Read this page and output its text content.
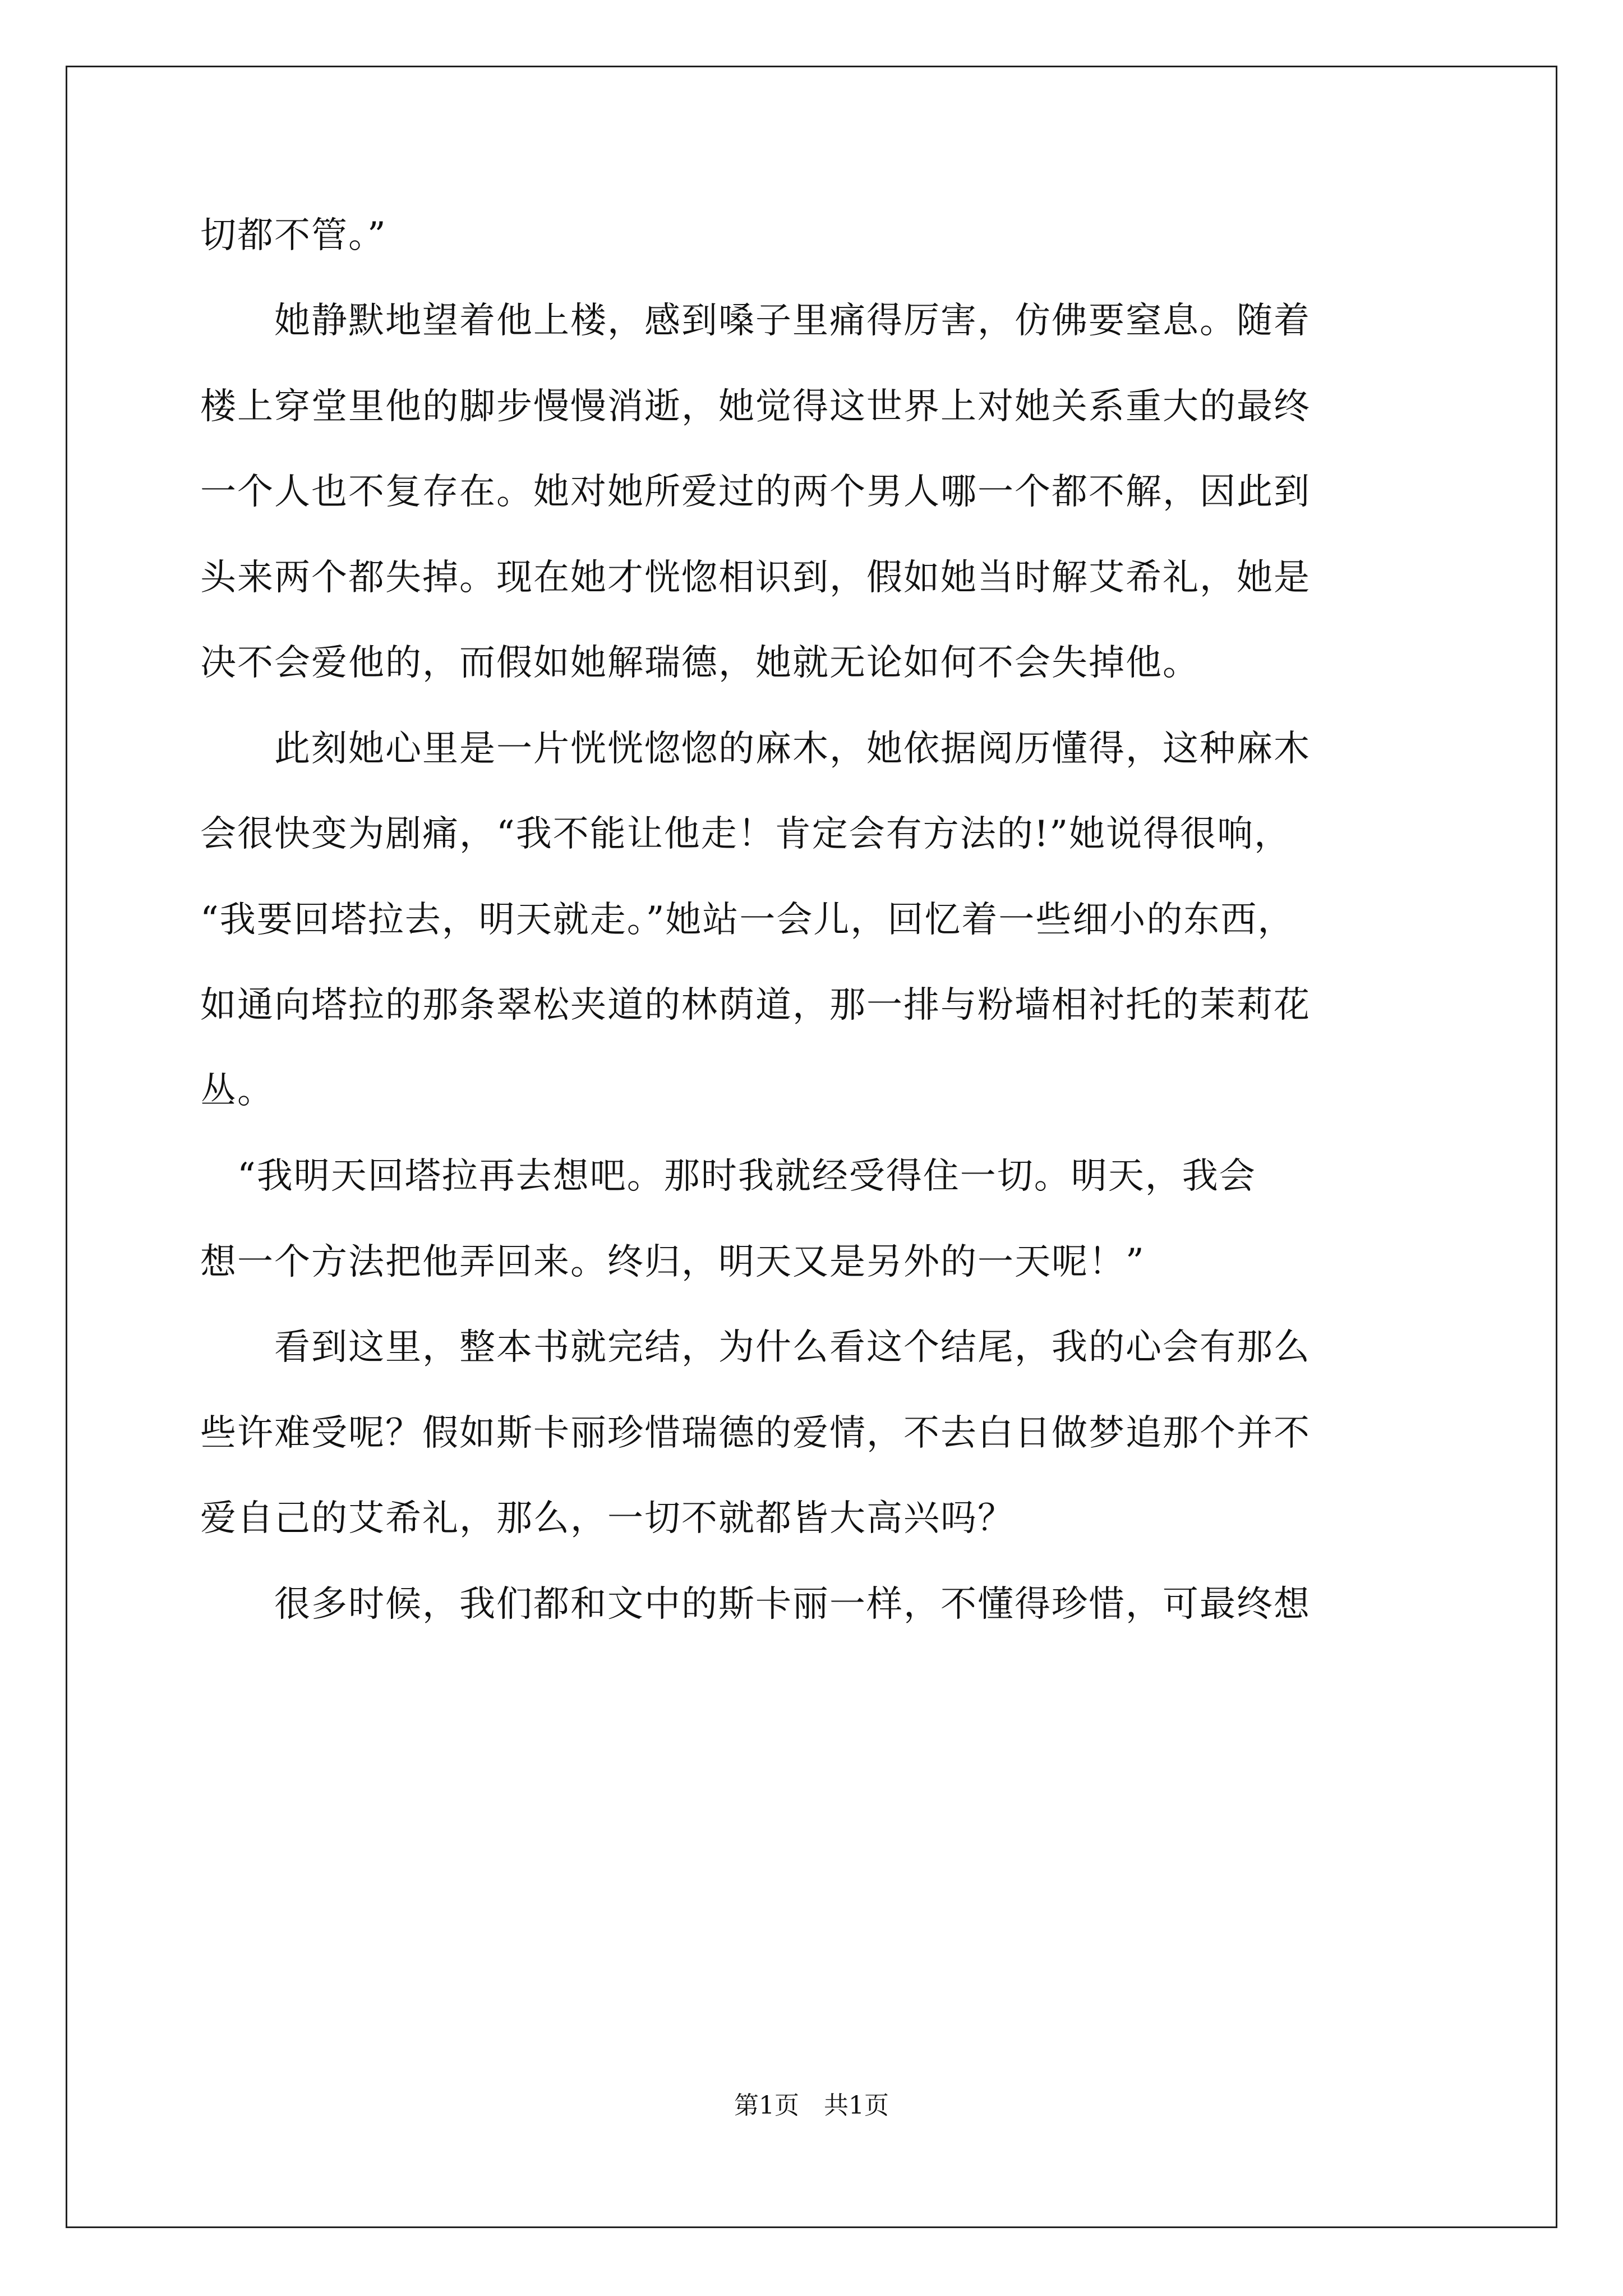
切都不管。”
　　她静默地望着他上楼，感到嗓子里痛得厉害，仿佛要窒息。随着
楼上穿堂里他的脚步慢慢消逝，她觉得这世界上对她关系重大的最终
一个人也不复存在。她对她所爱过的两个男人哪一个都不解，因此到
头来两个都失掉。现在她才恍惚相识到，假如她当时解艾希礼，她是
决不会爱他的，而假如她解瑞德，她就无论如何不会失掉他。
　　此刻她心里是一片恍恍惚惚的麻木，她依据阅历懂得，这种麻木
会很快变为剧痛，“我不能让他走！肯定会有方法的!”她说得很响，
“我要回塔拉去，明天就走。”她站一会儿，回忆着一些细小的东西，
如通向塔拉的那条翠松夹道的林荫道，那一排与粉墙相衬托的茉莉花
丛。
　“我明天回塔拉再去想吧。那时我就经受得住一切。明天，我会
想一个方法把他弄回来。终归，明天又是另外的一天呢！”
　　看到这里，整本书就完结，为什么看这个结尾，我的心会有那么
些许难受呢？假如斯卡丽珍惜瑞德的爱情，不去白日做梦追那个并不
爱自己的艾希礼，那么，一切不就都皆大高兴吗？
　　很多时候，我们都和文中的斯卡丽一样，不懂得珍惜，可最终想
第1页　共1页
